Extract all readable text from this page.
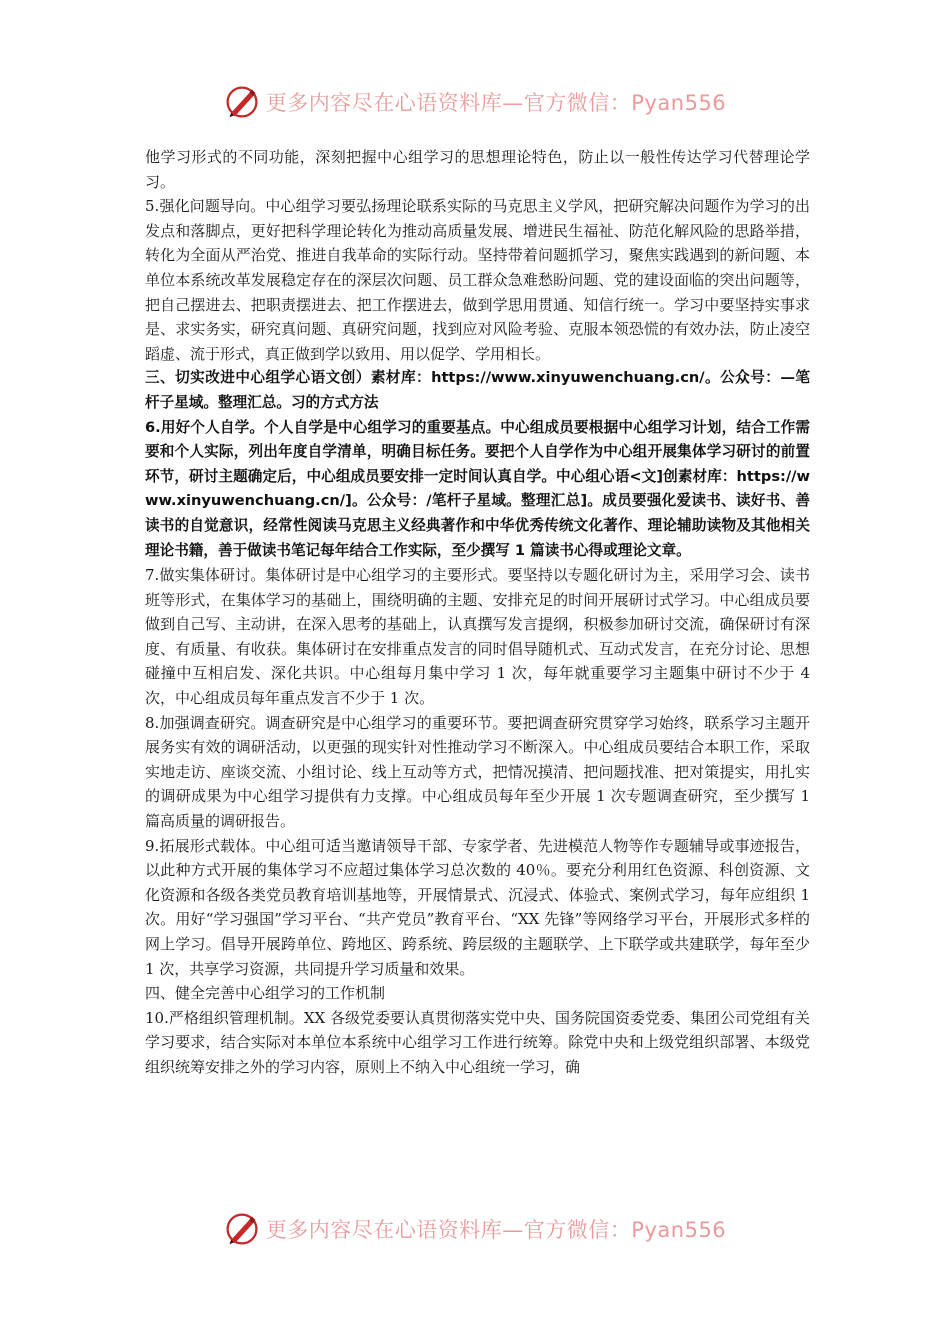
更多内容尽在心语资料库—官方微信：Pyan556

他学习形式的不同功能，深刻把握中心组学习的思想理论特色，防止以一般性传达学习代替理论学习。

5.强化问题导向。中心组学习要弘扬理论联系实际的马克思主义学风，把研究解决问题作为学习的出发点和落脚点，更好把科学理论转化为推动高质量发展、增进民生福祉、防范化解风险的思路举措，转化为全面从严治党、推进自我革命的实际行动。坚持带着问题抓学习，聚焦实践遇到的新问题、本单位本系统改革发展稳定存在的深层次问题、员工群众急难愁盼问题、党的建设面临的突出问题等，把自己摆进去、把职责摆进去、把工作摆进去，做到学思用贯通、知信行统一。学习中要坚持实事求是、求实务实，研究真问题、真研究问题，找到应对风险考验、克服本领恐慌的有效办法，防止凌空蹈虚、流于形式，真正做到学以致用、用以促学、学用相长。

三、切实改进中心组学心语文创）素材库：https://www.xinyuwenchuang.cn/。公众号：—笔杆子星域。整理汇总。习的方式方法

6.用好个人自学。个人自学是中心组学习的重要基点。中心组成员要根据中心组学习计划，结合工作需要和个人实际，列出年度自学清单，明确目标任务。要把个人自学作为中心组开展集体学习研讨的前置环节，研讨主题确定后，中心组成员要安排一定时间认真自学。中心组心语<文]创素材库：https://www.xinyuwenchuang.cn/]。公众号：/笔杆子星域。整理汇总]。成员要强化爱读书、读好书、善读书的自觉意识，经常性阅读马克思主义经典著作和中华优秀传统文化著作、理论辅助读物及其他相关理论书籍，善于做读书笔记每年结合工作实际，至少撰写 1 篇读书心得或理论文章。

7.做实集体研讨。集体研讨是中心组学习的主要形式。要坚持以专题化研讨为主，采用学习会、读书班等形式，在集体学习的基础上，围绕明确的主题、安排充足的时间开展研讨式学习。中心组成员要做到自己写、主动讲，在深入思考的基础上，认真撰写发言提纲，积极参加研讨交流，确保研讨有深度、有质量、有收获。集体研讨在安排重点发言的同时倡导随机式、互动式发言，在充分讨论、思想碰撞中互相启发、深化共识。中心组每月集中学习 1 次，每年就重要学习主题集中研讨不少于 4 次，中心组成员每年重点发言不少于 1 次。

8.加强调查研究。调查研究是中心组学习的重要环节。要把调查研究贯穿学习始终，联系学习主题开展务实有效的调研活动，以更强的现实针对性推动学习不断深入。中心组成员要结合本职工作，采取实地走访、座谈交流、小组讨论、线上互动等方式，把情况摸清、把问题找准、把对策提实，用扎实的调研成果为中心组学习提供有力支撑。中心组成员每年至少开展 1 次专题调查研究，至少撰写 1 篇高质量的调研报告。

9.拓展形式载体。中心组可适当邀请领导干部、专家学者、先进模范人物等作专题辅导或事迹报告，以此种方式开展的集体学习不应超过集体学习总次数的 40％。要充分利用红色资源、科创资源、文化资源和各级各类党员教育培训基地等，开展情景式、沉浸式、体验式、案例式学习，每年应组织 1 次。用好“学习强国”学习平台、“共产党员”教育平台、“XX 先锋”等网络学习平台，开展形式多样的网上学习。倡导开展跨单位、跨地区、跨系统、跨层级的主题联学、上下联学或共建联学，每年至少 1 次，共享学习资源，共同提升学习质量和效果。

四、健全完善中心组学习的工作机制

10.严格组织管理机制。XX 各级党委要认真贯彻落实党中央、国务院国资委党委、集团公司党组有关学习要求，结合实际对本单位本系统中心组学习工作进行统筹。除党中央和上级党组织部署、本级党组织统筹安排之外的学习内容，原则上不纳入中心组统一学习，确

更多内容尽在心语资料库—官方微信：Pyan556
